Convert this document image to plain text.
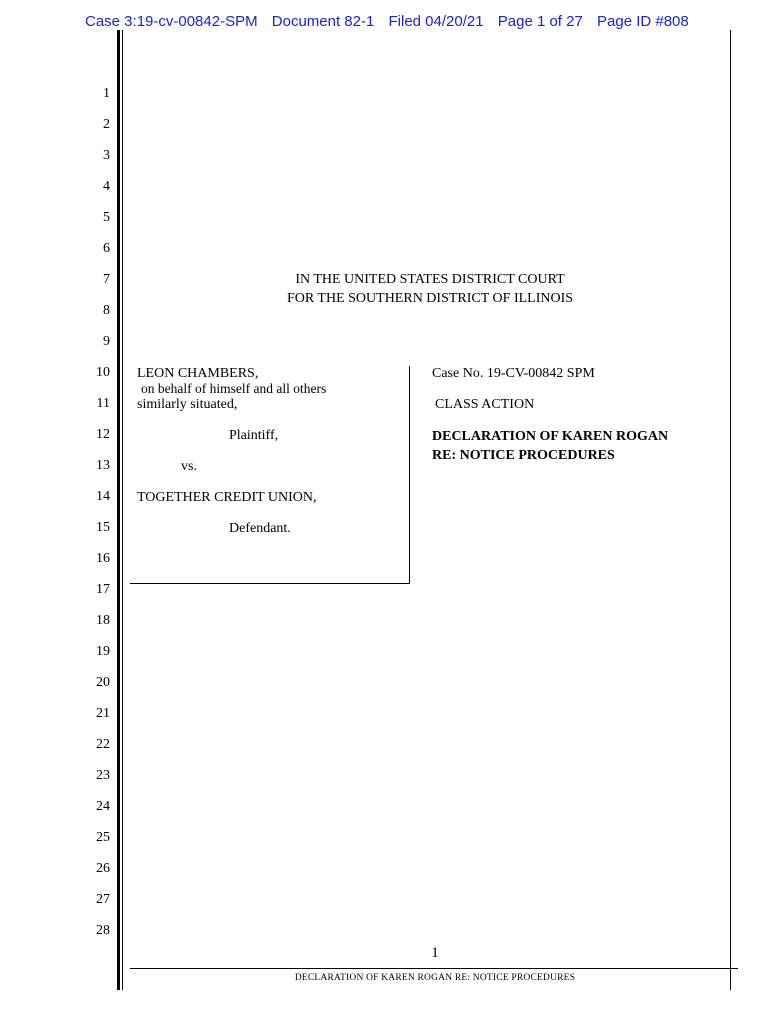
Case 3:19-cv-00842-SPM Document 82-1 Filed 04/20/21 Page 1 of 27 Page ID #808
1
2
3
4
5
6
7
8
9
10
11
12
13
14
15
16
17
18
19
20
21
22
23
24
25
26
27
28
IN THE UNITED STATES DISTRICT COURT
FOR THE SOUTHERN DISTRICT OF ILLINOIS
LEON CHAMBERS,
on behalf of himself and all others
similarly situated,
Plaintiff,
vs.
TOGETHER CREDIT UNION,
Defendant.
Case No. 19-CV-00842 SPM
CLASS ACTION
DECLARATION OF KAREN ROGAN
RE: NOTICE PROCEDURES
1
DECLARATION OF KAREN ROGAN RE: NOTICE PROCEDURES
